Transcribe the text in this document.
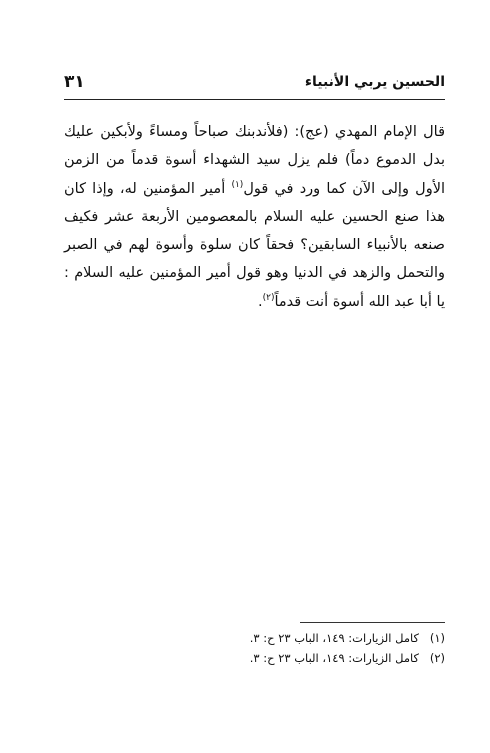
الحسين يربي الأنبياء
٣١
قال الإمام المهدي (عج): (فلأندبنك صباحاً ومساءً ولأبكين عليك بدل الدموع دماً) فلم يزل سيد الشهداء أسوة قدماً من الزمن الأول وإلى الآن كما ورد في قول$^{(١)}$ أمير المؤمنين له، وإذا كان هذا صنع الحسين عليه السلام بالمعصومين الأربعة عشر فكيف صنعه بالأنبياء السابقين؟ فحقاً كان سلوة وأسوة لهم في الصبر والتحمل والزهد في الدنيا وهو قول أمير المؤمنين عليه السلام : يا أبا عبد الله أسوة أنت قدماً$^{(٢)}$.
(١)كامل الزيارات: ١٤٩، الباب ٢٣ ح: ٣.
(٢)كامل الزيارات: ١٤٩، الباب ٢٣ ح: ٣.
